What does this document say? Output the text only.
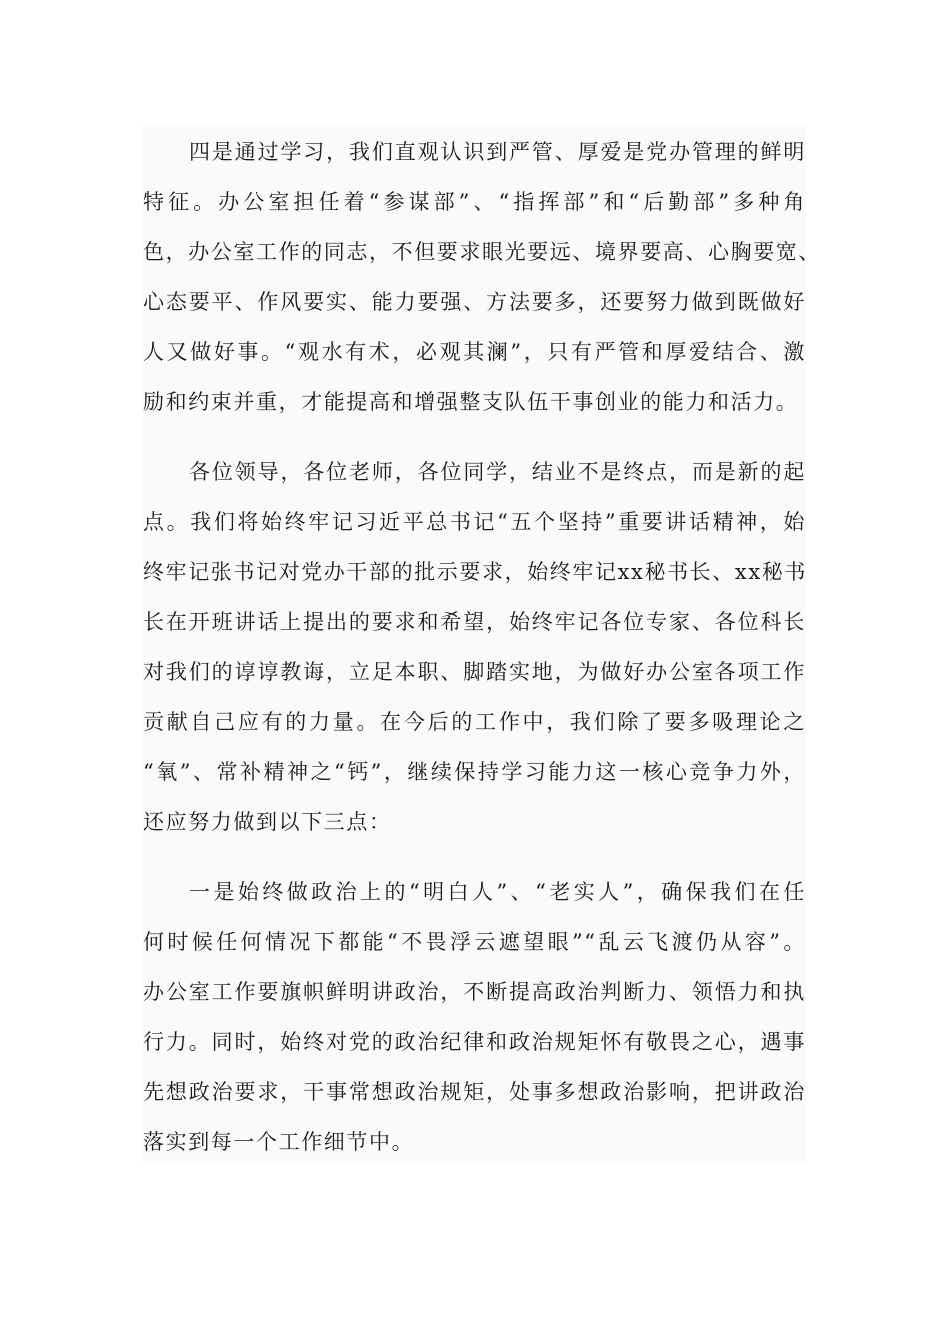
四是通过学习，我们直观认识到严管、厚爱是党办管理的鲜明
特征。办公室担任着“参谋部”、“指挥部”和“后勤部”多种角
色，办公室工作的同志，不但要求眼光要远、境界要高、心胸要宽、
心态要平、作风要实、能力要强、方法要多，还要努力做到既做好
人又做好事。“观水有术，必观其澜”，只有严管和厚爱结合、激
励和约束并重，才能提高和增强整支队伍干事创业的能力和活力。
各位领导，各位老师，各位同学，结业不是终点，而是新的起
点。我们将始终牢记习近平总书记“五个坚持”重要讲话精神，始
终牢记张书记对党办干部的批示要求，始终牢记xx秘书长、xx秘书
长在开班讲话上提出的要求和希望，始终牢记各位专家、各位科长
对我们的谆谆教诲，立足本职、脚踏实地，为做好办公室各项工作
贡献自己应有的力量。在今后的工作中，我们除了要多吸理论之
“氧”、常补精神之“钙”，继续保持学习能力这一核心竞争力外，
还应努力做到以下三点：
一是始终做政治上的“明白人”、“老实人”，确保我们在任
何时候任何情况下都能“不畏浮云遮望眼”“乱云飞渡仍从容”。
办公室工作要旗帜鲜明讲政治，不断提高政治判断力、领悟力和执
行力。同时，始终对党的政治纪律和政治规矩怀有敬畏之心，遇事
先想政治要求，干事常想政治规矩，处事多想政治影响，把讲政治
落实到每一个工作细节中。
